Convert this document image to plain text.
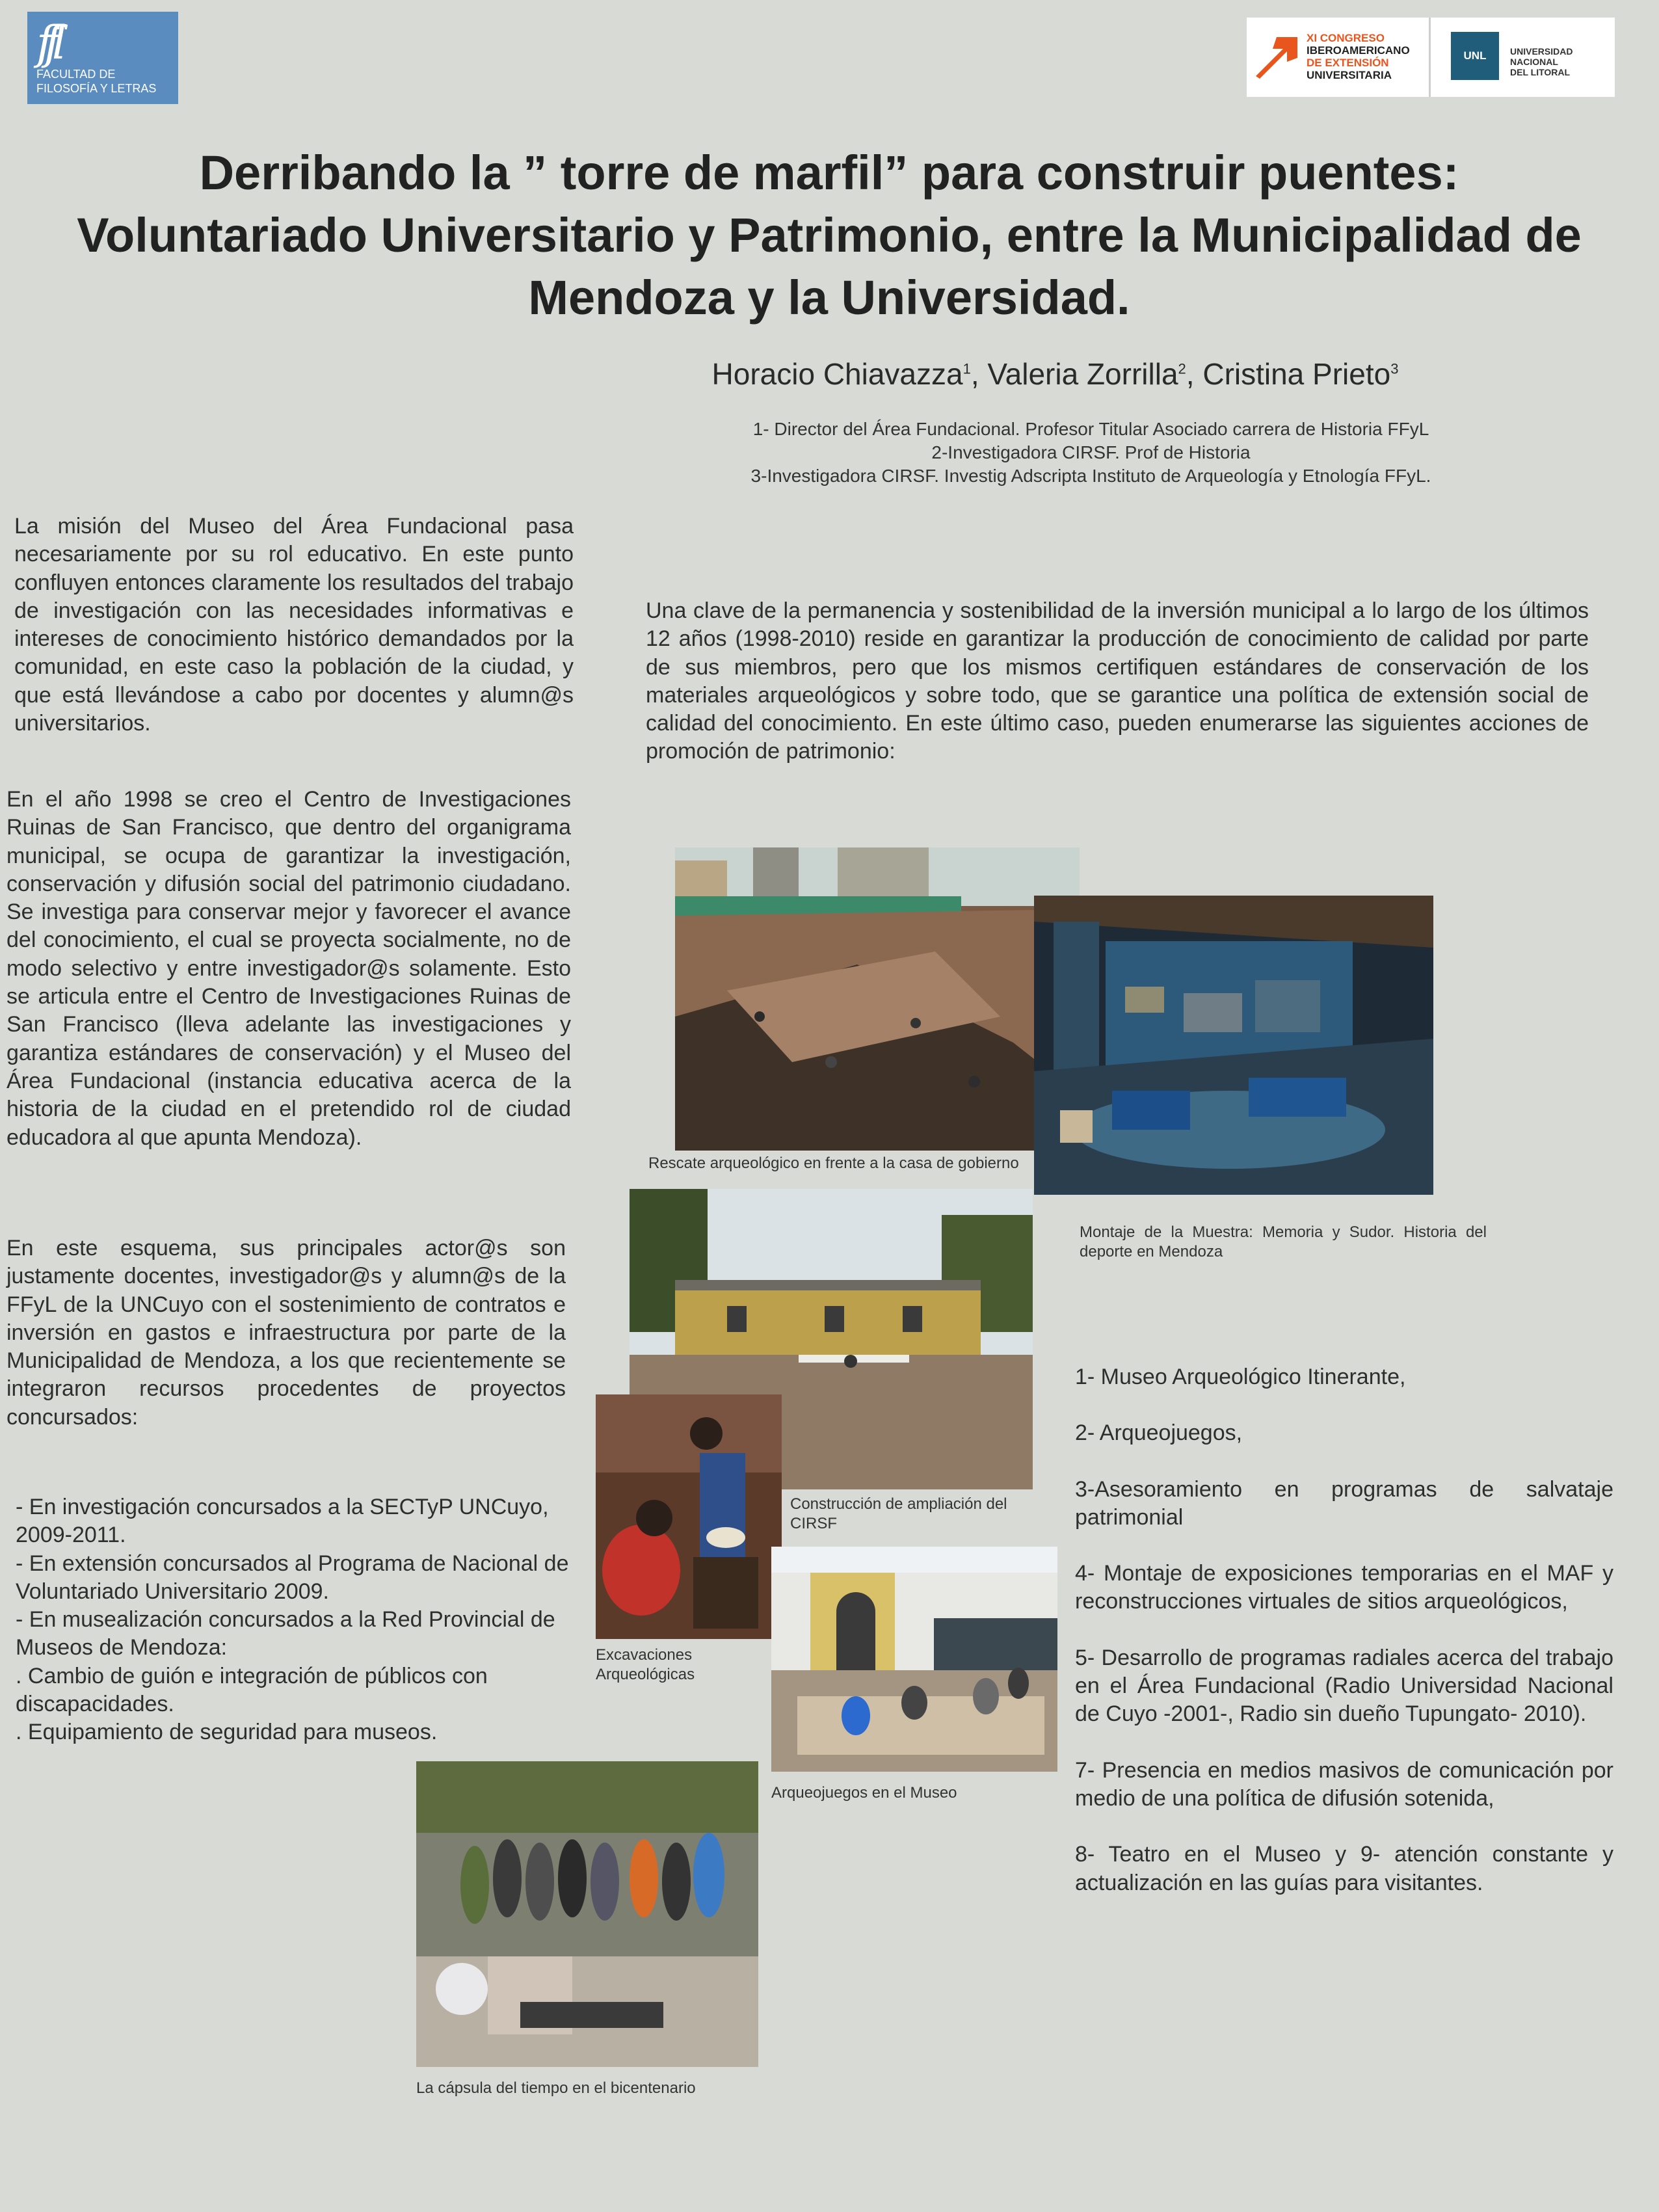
ffl
FACULTAD DE
FILOSOFÍA Y LETRAS
XI CONGRESO
IBEROAMERICANO
DE EXTENSIÓN
UNIVERSITARIA
UNL	UNIVERSIDAD NACIONAL
DEL LITORAL
Derribando la ” torre de marfil” para construir puentes:
Voluntariado Universitario y Patrimonio, entre la Municipalidad de
Mendoza y la Universidad.
Horacio Chiavazza$^1$, Valeria Zorrilla$^2$, Cristina Prieto$^3$
1- Director del Área Fundacional. Profesor Titular Asociado carrera de Historia FFyL
2-Investigadora CIRSF. Prof de Historia
3-Investigadora CIRSF. Investig Adscripta Instituto de Arqueología y Etnología FFyL.
La misión del Museo del Área Fundacional pasa necesariamente por su rol educativo. En este punto confluyen entonces claramente los resultados del trabajo de investigación con las necesidades informativas e intereses de conocimiento histórico demandados por la comunidad, en este caso la población de la ciudad, y que está llevándose a cabo por docentes y alumn@s universitarios.
En el año 1998 se creo el Centro de Investigaciones Ruinas de San Francisco, que dentro del organigrama municipal, se ocupa de garantizar la investigación, conservación y difusión social del patrimonio ciudadano. Se investiga para conservar mejor y favorecer el avance del conocimiento, el cual se proyecta socialmente, no de modo selectivo y entre investigador@s solamente. Esto se articula entre el Centro de Investigaciones Ruinas de San Francisco (lleva adelante las investigaciones y garantiza estándares de conservación) y el Museo del Área Fundacional (instancia educativa acerca de la historia de la ciudad en el pretendido rol de ciudad educadora al que apunta Mendoza).
En este esquema, sus principales actor@s son justamente docentes, investigador@s y alumn@s de la FFyL de la UNCuyo con el sostenimiento de contratos e inversión en gastos e infraestructura por parte de la Municipalidad de Mendoza, a los que recientemente se integraron recursos procedentes de proyectos concursados:
- En investigación concursados a la SECTyP UNCuyo, 2009-2011.
- En extensión concursados al Programa de Nacional de Voluntariado Universitario 2009.
- En musealización concursados a la Red Provincial de Museos de Mendoza:
. Cambio de guión e integración de públicos con discapacidades.
. Equipamiento de seguridad para museos.
Una clave de la permanencia y sostenibilidad de la inversión municipal a lo largo de los últimos 12 años (1998-2010) reside en garantizar la producción de conocimiento de calidad por parte de sus miembros, pero que los mismos certifiquen estándares de conservación de los materiales arqueológicos y sobre todo, que se garantice una política de extensión social de calidad del conocimiento. En este último caso, pueden enumerarse las siguientes acciones de promoción de patrimonio:
1- Museo Arqueológico Itinerante,
2- Arqueojuegos,
3-Asesoramiento en programas de salvataje patrimonial
4- Montaje de exposiciones temporarias en el MAF y reconstrucciones virtuales de sitios arqueológicos,
5- Desarrollo de programas radiales acerca del trabajo en el Área Fundacional (Radio Universidad Nacional de Cuyo -2001-, Radio sin dueño Tupungato- 2010).
7- Presencia en medios masivos de comunicación por medio de una política de difusión sotenida,
8- Teatro en el Museo y 9- atención constante y actualización en las guías para visitantes.
Rescate arqueológico en frente a la casa de gobierno
Montaje de la Muestra: Memoria y Sudor. Historia del deporte en Mendoza
Construcción de ampliación del CIRSF
Excavaciones Arqueológicas
Arqueojuegos en el Museo
La cápsula del tiempo en el bicentenario
